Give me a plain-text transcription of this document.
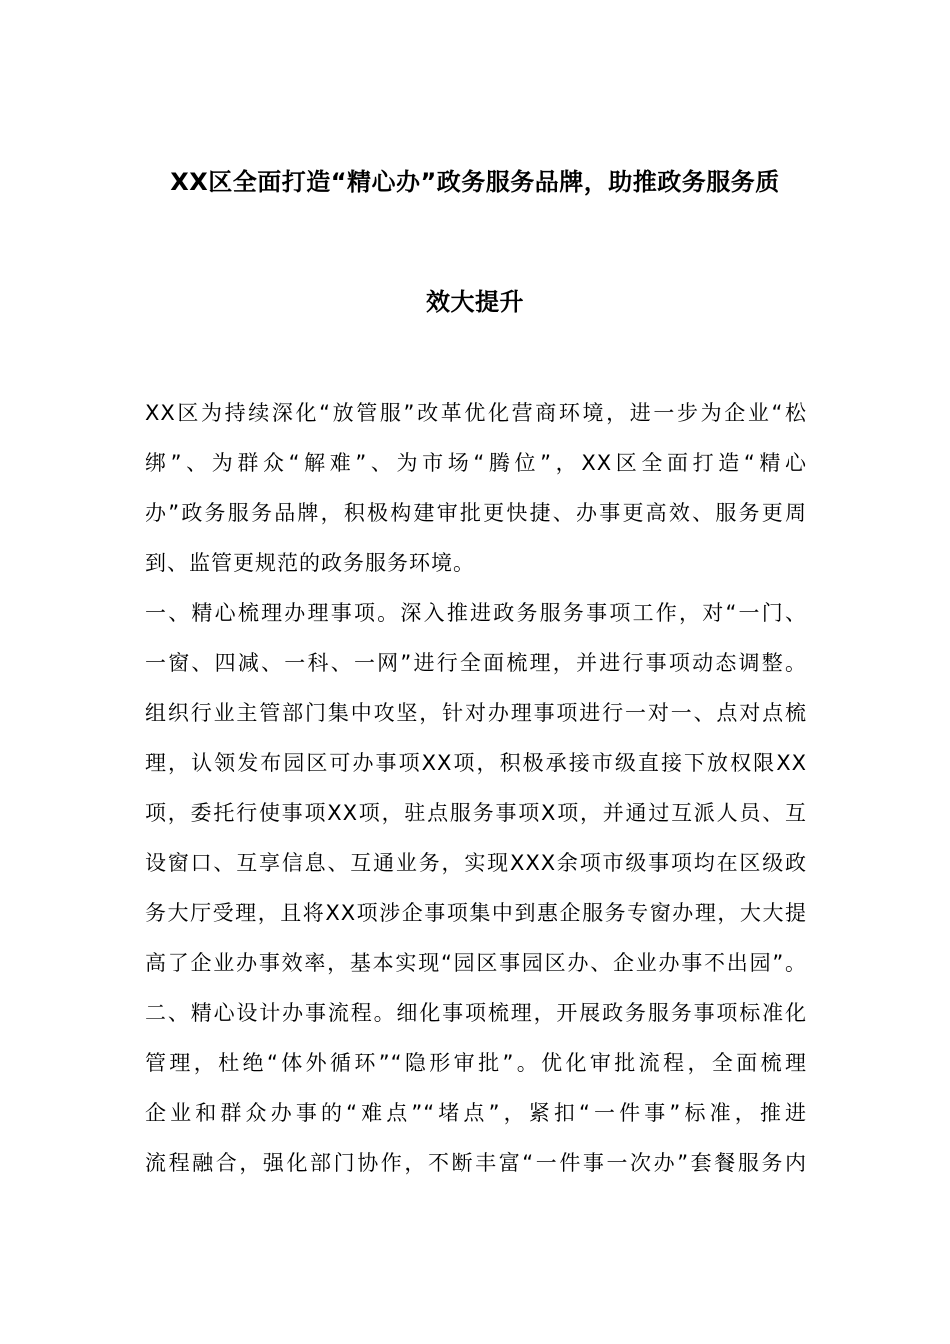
XX区全面打造“精心办”政务服务品牌，助推政务服务质
效大提升
XX区为持续深化“放管服”改革优化营商环境，进一步为企业“松
绑”、为群众“解难”、为市场“腾位”，XX区全面打造“精心
办”政务服务品牌，积极构建审批更快捷、办事更高效、服务更周
到、监管更规范的政务服务环境。
一、精心梳理办理事项。深入推进政务服务事项工作，对“一门、
一窗、四减、一科、一网”进行全面梳理，并进行事项动态调整。
组织行业主管部门集中攻坚，针对办理事项进行一对一、点对点梳
理，认领发布园区可办事项XX项，积极承接市级直接下放权限XX
项，委托行使事项XX项，驻点服务事项X项，并通过互派人员、互
设窗口、互享信息、互通业务，实现XXX余项市级事项均在区级政
务大厅受理，且将XX项涉企事项集中到惠企服务专窗办理，大大提
高了企业办事效率，基本实现“园区事园区办、企业办事不出园”。
二、精心设计办事流程。细化事项梳理，开展政务服务事项标准化
管理，杜绝“体外循环”“隐形审批”。优化审批流程，全面梳理
企业和群众办事的“难点”“堵点”，紧扣“一件事”标准，推进
流程融合，强化部门协作，不断丰富“一件事一次办”套餐服务内
